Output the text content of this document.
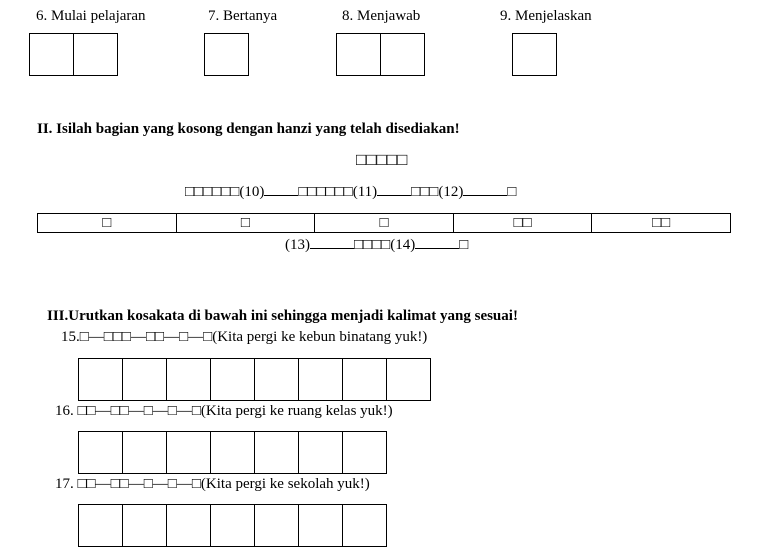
6. Mulai pelajaran	7. Bertanya	8. Menjawab	9. Menjelaskan
II. Isilah bagian yang kosong dengan hanzi yang telah disediakan!
□□□□□
□□□□□□(10) □□□□□□(11) □□□(12)	□
□	□	□	□□	□□
(13)	□□□□(14)	□
III.Urutkan kosakata di bawah ini sehingga menjadi kalimat yang sesuai!
15.□—□□□—□□—□—□(Kita pergi ke kebun binatang yuk!)
16. □□—□□—□—□—□(Kita pergi ke ruang kelas yuk!)
17. □□—□□—□—□—□(Kita pergi ke sekolah yuk!)
